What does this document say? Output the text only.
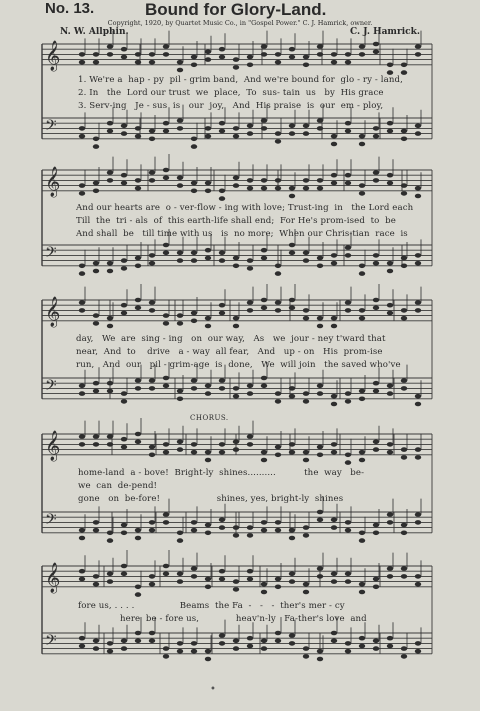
𝄞
𝄢
𝄞
𝄢
𝄞
𝄢
𝄞
𝄢
𝄞
𝄢
•
No. 13.	Bound for Glory-Land.
Copyright, 1920, by Quartet Music Co., in "Gospel Power." C. J. Hamrick, owner.
N. W. Allphin.	C. J. Hamrick.
1. We're a  hap - py  pil - grim band,  And we're bound for  glo - ry - land,
2. In   the  Lord our trust  we  place,  To  sus- tain  us   by  His grace
3. Serv-ing   Je - sus  is   our  joy,   And  His praise  is  our  em - ploy,
And our hearts are  o - ver-flow - ing with love; Trust-ing  in   the Lord each
Till  the  tri - als  of  this earth-life shall end;  For He's prom-ised  to  be
And shall  be   till time with us   is  no more;  When our Chris-tian  race  is
day,   We  are  sing - ing   on  our way,   As   we  jour - ney t'ward that
near,  And  to    drive   a - way  all fear,   And   up - on   His  prom-ise
run,   And  our   pil - grim-age  is  done,   We  will join   the saved who've
CHORUS.
home-land  a - bove!  Bright-ly  shines..........          the  way   be-
we  can  de-pend!
gone   on  be-fore!                    shines, yes, bright-ly  shines
fore us, . . . .                Beams  the Fa  -   -   -  ther's mer - cy
here  be - fore us,             heav'n-ly   Fa-ther's love  and
